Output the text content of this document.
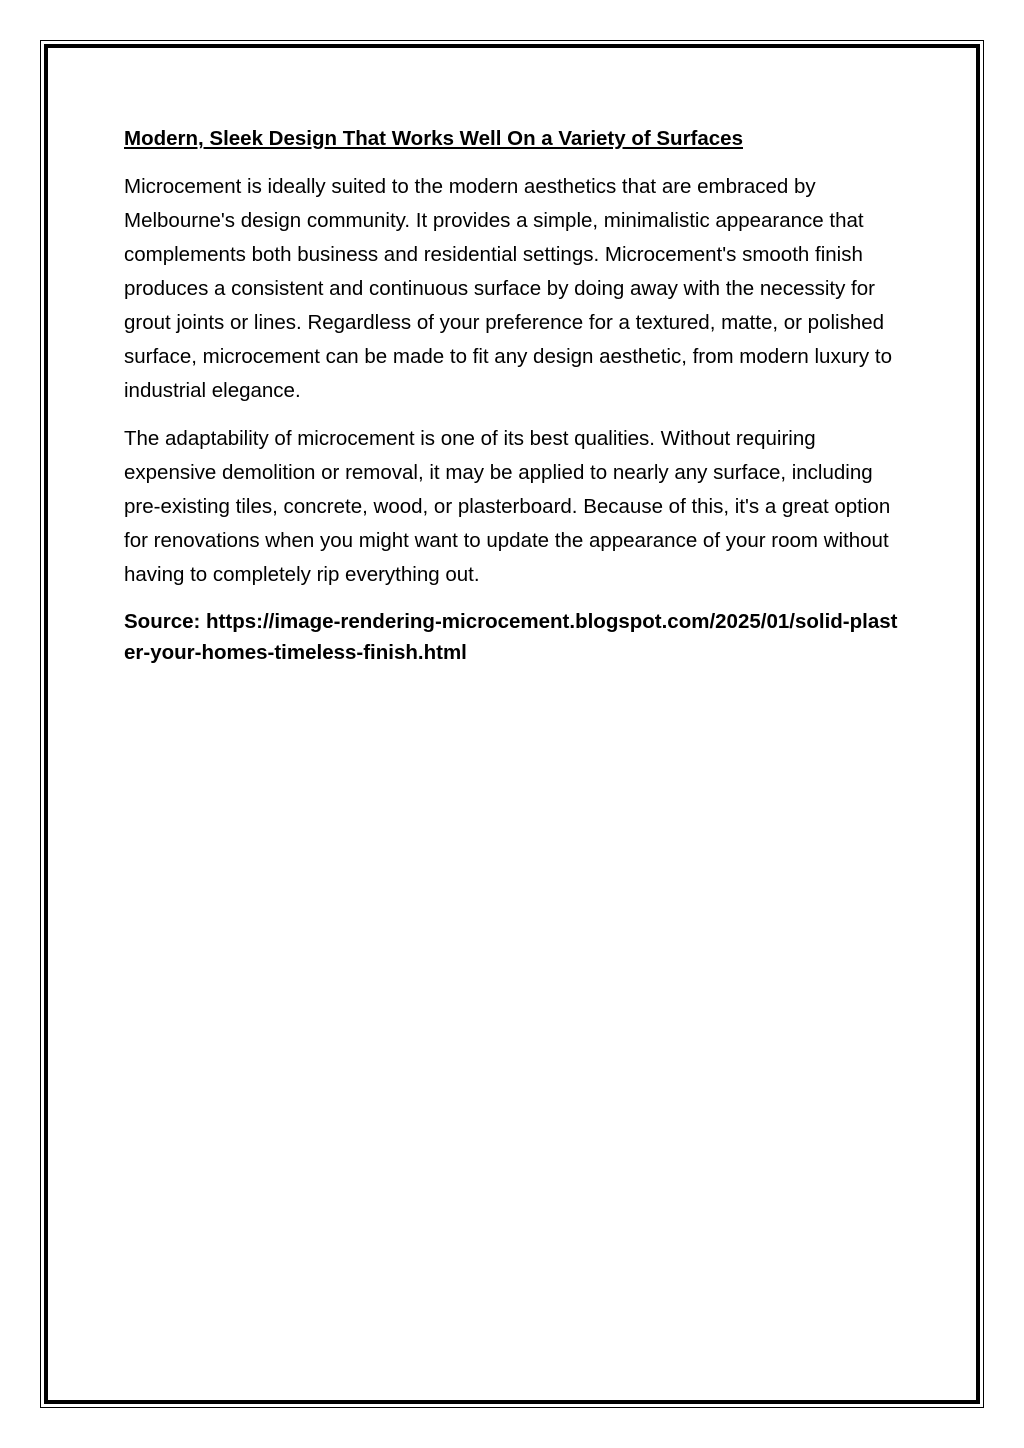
Modern, Sleek Design That Works Well On a Variety of Surfaces

Microcement is ideally suited to the modern aesthetics that are embraced by Melbourne's design community. It provides a simple, minimalistic appearance that complements both business and residential settings. Microcement's smooth finish produces a consistent and continuous surface by doing away with the necessity for grout joints or lines. Regardless of your preference for a textured, matte, or polished surface, microcement can be made to fit any design aesthetic, from modern luxury to industrial elegance.

The adaptability of microcement is one of its best qualities. Without requiring expensive demolition or removal, it may be applied to nearly any surface, including pre-existing tiles, concrete, wood, or plasterboard. Because of this, it's a great option for renovations when you might want to update the appearance of your room without having to completely rip everything out.

Source: https://image-rendering-microcement.blogspot.com/2025/01/solid-plaster-your-homes-timeless-finish.html
